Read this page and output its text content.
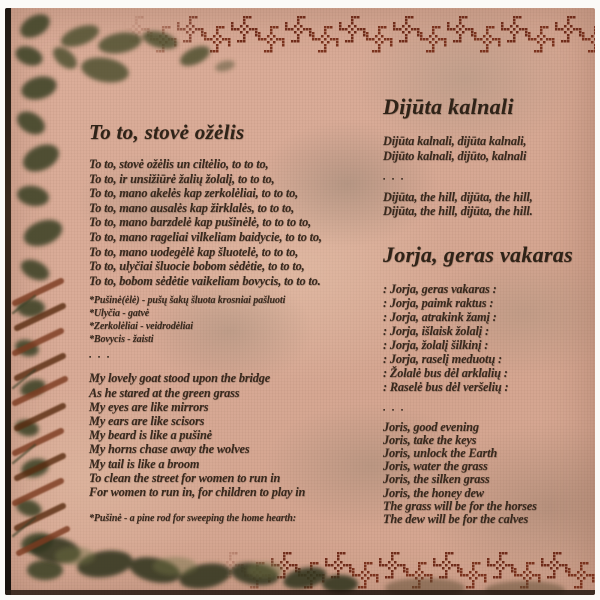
To to, stovė ožėlis
To to, stovė ožėlis un ciltėlio, to to to,
To to, ir unsižiūrė žalių žolalį, to to to,
To to, mano akelės kap zerkolėliai, to to to,
To to, mano ausalės kap žirklalės, to to to,
To to, mano barzdelė kap pušinėlė, to to to to,
To to, mano rageliai vilkeliam baidycie, to to to,
To to, mano uodegėlė kap šluotelė, to to to,
To to, ulyčiai šluocie bobom sėdėtie, to to to,
To to, bobom sėdėtie vaikeliam bovycis, to to to.
*Pušinė(ėlė) - pušų šakų šluota krosniai pašluoti
*Ulyčia - gatvė
*Zerkolėliai - veidrodėliai
*Bovycis - žaisti
▪ ▪ ▪
My lovely goat stood upon the bridge
As he stared at the green grass
My eyes are like mirrors
My ears are like scisors
My beard is like a pušinė
My horns chase away the wolves
My tail is like a broom
To clean the street for women to run in
For women to run in, for children to play in
*Pušinė - a pine rod for sweeping the home hearth:
Dijūta kalnali
Dijūta kalnali, dijūta kalnali,
Dijūto kalnali, dijūto, kalnali
▪ ▪ ▪
Dijūta, the hill, dijūta, the hill,
Dijūta, the hill, dijūta, the hill.
Jorja, geras vakaras
: Jorja, geras vakaras :
: Jorja, paimk raktus :
: Jorja, atrakink žamį :
: Jorja, išlaisk žolalį :
: Jorja, žolalį šilkinį :
: Jorja, raselį meduotų :
: Žolalė bus dėl arklalių :
: Raselė bus dėl veršelių :
▪ ▪ ▪
Joris, good evening
Joris, take the keys
Joris, unlock the Earth
Joris, water the grass
Joris, the silken grass
Joris, the honey dew
The grass will be for the horses
The dew will be for the calves
